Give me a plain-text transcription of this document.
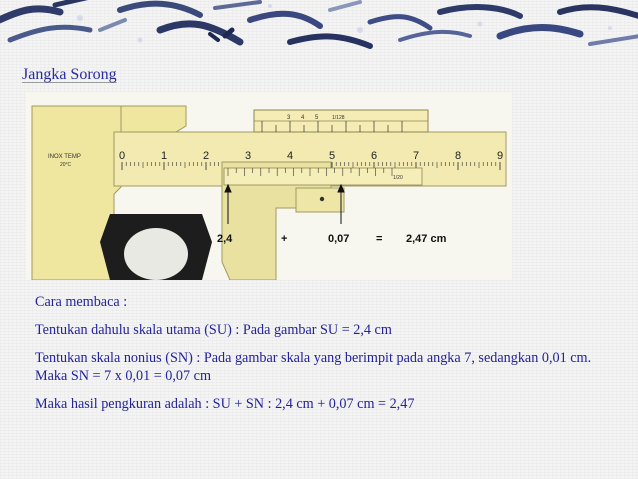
Jangka Sorong
3 4 5	1/128
INOX TEMP
20°C
0	1	2	3	4	5	6	7	8	9
1/20
2,4	+	0,07 = 2,47 cm

Cara membaca :

Tentukan dahulu skala utama (SU) : Pada gambar SU = 2,4 cm

Tentukan skala nonius (SN) : Pada gambar skala yang berimpit pada angka 7, sedangkan 0,01 cm. Maka SN = 7 x 0,01 = 0,07 cm

Maka hasil pengkuran adalah : SU + SN : 2,4 cm + 0,07 cm = 2,47
